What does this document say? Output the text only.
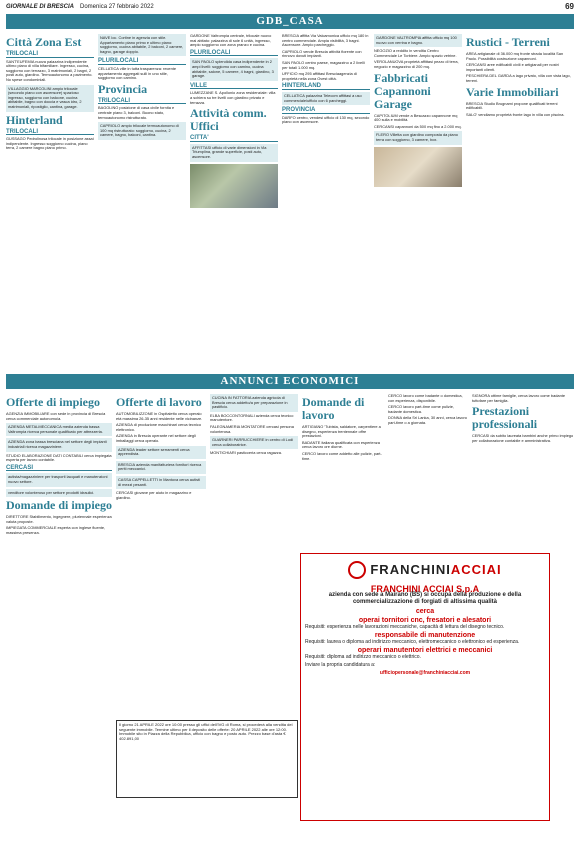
GIORNALE DI BRESCIA Domenica 27 febbraio 2022	69
GDB_CASA
Città Zona Est
TRILOCALI

SANT'EUFEMIA nuova palazzina indipendente ultimo piano di villa bifamiliare. Ingresso, cucina, soggiorno con terrazzo, 3 matrimoniali, 2 bagni, 2 posti auto, giardino. Termoautonomo a pavimento. No spese condominiali.

VILLAGGIO MARCOLINI ampio trilocale (secondo piano con ascensore) spazioso ingresso, soggiorno con balcone, cucina abitabile, bagno con doccia e vasca idro, 2 matrimoniali, ripostiglio, cantina, garage.

Hinterland
TRILOCALI

GUSSAGO Pedrolinosa trilocale in posizione assai indipendente. Ingresso soggiorno cucina, piano terra, 2 camere bagno piano primo.

NAVE loc. Cortine in agenzia con stile. Appartamento piano primo e ultimo piano: soggiorno, cucina abitabile, 2 balconi, 2 camere, bagno, garage doppio.

PLURILOCALI

CELLATICA ville in tutta trasparenza: recente appartamento aggregati sulli in uno stile, soggiorno con camino.

Provincia
TRILOCALI

BAGOLINO posizione di casa civile fornita e centrale piano 3, balconi. Buono stato, termoautonomo ristrutturato.

CAPRIOLO ampio trilocale termoautonomo di 100 mq ristrutturato: soggiorno, cucina, 2 camere, bagno, balconi, cantina.

GARDONE Valtrompia centrale, trilocale nuovo mai abitato: palazzina di sole 6 unità, ingresso, ampio soggiorno con zona pranzo e cucina.

PLURILOCALI

SAN PAOLO splendida casa indipendente in 2 ampi livelli: soggiorno con camino, cucina abitabile, salone, 5 camere, 4 bagni, giardino, 3 garage.

VILLE

LUMEZZANE S. Apollonio zona residenziale: villa a schiera su tre livelli con giardino privato e terrazza.

Attività comm. Uffici
CITTA'

AFFITTASI ufficio di varie dimensioni in Via Triumplina, grande superficie, posti auto, ascensore.

BRESCIA affitta Via Valcamonica ufficio mq 180 in centro commerciale. Ampia visibilità, 3 bagni. Ascensore. Ampio parcheggio.

CAPRIOLO vende Brescia attività fiorente con rinnovo dovuti impianti.

SAN PAOLO centro paese, magazzino a 2 livelli per totali 1.000 mq.

UFFICIO mq 295 affittasi Bresciaagenzia di proprietà nella zona Ovest città.

HINTERLAND

CELLATICA palazzina Telecom affittasi a uso commerciale/ufficio con 6 parcheggi.

PROVINCIA

DARFO centro, vendesi ufficio di 130 mq, secondo piano con ascensore.

GARDONE VALTROMPIA affitta ufficio mq 100 nuovo con verrina e bagno.

NEGOZIO a reddito in vendita Centro Commerciale Le Torbiere. Ampio spazio vetrine.

VEROLANUOVA proprietà affittasi pezzo di terra, negozio e magazzino di 200 mq.

Fabbricati Capannoni Garage

CAPITOLIUM vende a Bescazzo capannone mq 400 sulla e mobilità.

CERCANSI capannoni da 500 mq fino a 2.000 mq.

FLERO Villetta con giardino composta da piano terra con soggiorno, 3 camere, box.

Rustici - Terreni

AREA artigianale di 36.000 mq fronte strada località San Paolo. Possibilità costruzione capannoni.

CERCANSI aree edificabili civili e artigianali per nostri importanti clienti.

PESCHIERA DEL GARDA a lago privato, villa con vista lago, terreni.

Varie Immobiliari

BRESCIA Studio Brugnami propone qualificati terreni edificabili.

SALO' vendiamo proprietà fronte lago in villa con piscina.

ANNUNCI ECONOMICI
Offerte di impiego

AGENZIA IMMOBILIARE con sede in provincia di Brescia cerca commerciale autonomo/a.

AZIENDA METALMECCANICA media azienda bassa Valtrompia ricerca personale qualificato per attrezzeria.

AZIENDA zona bassa bresciana nel settore degli impianti industriali ricerca magazziniere.

STUDIO ELABORAZIONE DATI CONTABILI cerca impiegata esperta per lavoro contabile.

CERCASI

autista/magazziniere per trasporti lacquati e manutenzioni nuovo settore.

venditore volonteroso per settore prodotti idraulici.

Domande di impiego

DIRETTORE Stabilimento, ingegnere, pluriennale esperienza valuta proposte.

IMPIEGATA COMMERCIALE esperta con inglese fluente, massima presenza.

Offerte di lavoro

AUTOMOBILIZZONE in Ospitaletto cerca operaio età massima 26-35 anni residente nelle vicinanze.

AZIENDA di produzione macchinari cerca tecnico elettronico.

AZIENDA in Brescia operante nel settore degli imballaggi cerca operaio.

AZIENDA leader settore serramenti cerca apprendista.

BRESCIA azienda manifatturiera fornitori ricerca periti meccanici.

CASSA CAPPELLETTI in Mantova cerca autisti di mezzi pesanti.

CERCASI giovane per aiuto in magazzino e giardino.

CUCINA IN FATTORIA azienda agricola di Brescia cerca addetto/a per preparazione in pastificio.

ELBA BOCCONTORNALI azienda cerca tecnico manutentore.

FALEGNAMERIA MONTATORE cercasi persona volonterosa.

GUARNERI PARRUCCHIERE in centro di Lodi cerca collaboratrice.

MONTICHIARI pasticceria cerca ragazza.

Il giorno 21 APRILE 2022 ore 10:00 presso gli uffici dell'IVG di Roma, si procederà alla vendita del seguente immobile. Termine ultimo per il deposito delle offerte: 20 APRILE 2022 alle ore 12:00. Immobile sito in Piazza della Repubblica, ufficio con bagno e posto auto. Prezzo base d'asta € 402.891,00
Domande di lavoro

ARTIGIANO 'Tubista, saldatore, carpentiere a disegno, esperienza trentennale offre prestazioni.

BADANTE italiana qualificata con esperienza cerca lavoro ore diurne.

CERCO lavoro come addetto alle pulizie, part-time.

CERCO lavoro come badante o domestica, con esperienza, disponibile.

CERCO lavoro part-time come pulizie, badante domestica.

DONNA della Sri Lanka, 30 anni, cerca lavoro part-time o a giornata.

SIGNORA ottime famiglie, cerca lavoro come badante tuttofare per famiglia.

Prestazioni professionali

CERCASI da subito laureata bambini anche primo impiego per collaborazione contabile e amministrativa.

FRANCHINI ACCIAI
FRANCHINI ACCIAI S.p.A
azienda con sede a Mairano (BS) si occupa della produzione e della commercializzazione di forgiati di altissima qualità
cerca
operai tornitori cnc, fresatori e alesatori

Requisiti: esperienza nelle lavorazioni meccaniche, capacità di lettura del disegno tecnico.

responsabile di manutenzione

Requisiti: laurea o diploma ad indirizzo meccanico, elettromeccanico o elettronico ed esperienza.

operari manutentori elettrici e meccanici

Requisiti: diploma ad indirizzo meccanico o elettrico.

Inviare la propria candidatura a:

ufficiopersonale@franchiniacciai.com
